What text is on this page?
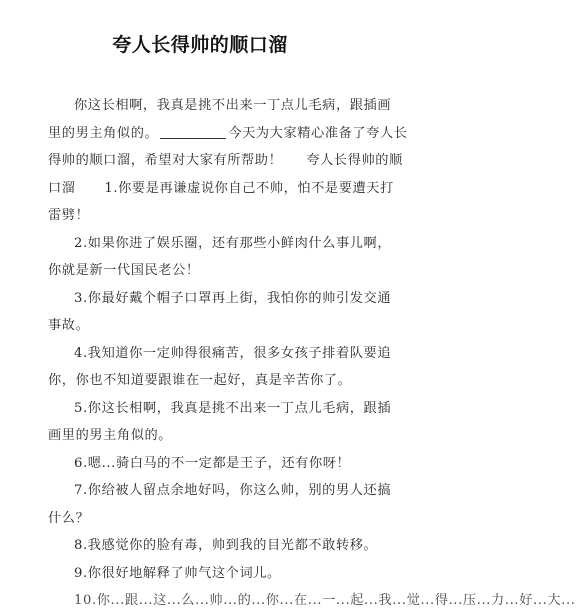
夸人长得帅的顺口溜
你这长相啊，我真是挑不出来一丁点儿毛病，跟插画
里的男主角似的。	今天为大家精心准备了夸人长
得帅的顺口溜，希望对大家有所帮助！ 夸人长得帅的顺
口溜 1.你要是再谦虚说你自己不帅，怕不是要遭天打
雷劈！
2.如果你进了娱乐圈，还有那些小鲜肉什么事儿啊，
你就是新一代国民老公！
3.你最好戴个帽子口罩再上街，我怕你的帅引发交通
事故。
4.我知道你一定帅得很痛苦，很多女孩子排着队要追
你，你也不知道要跟谁在一起好，真是辛苦你了。
5.你这长相啊，我真是挑不出来一丁点儿毛病，跟插
画里的男主角似的。
6.嗯...骑白马的不一定都是王子，还有你呀！
7.你给被人留点余地好吗，你这么帅，别的男人还搞
什么？
8.我感觉你的脸有毒，帅到我的目光都不敢转移。
9.你很好地解释了帅气这个词儿。
10.你...跟...这...么...帅...的...你...在...一...起...我...觉...得...压...力...好...大...
